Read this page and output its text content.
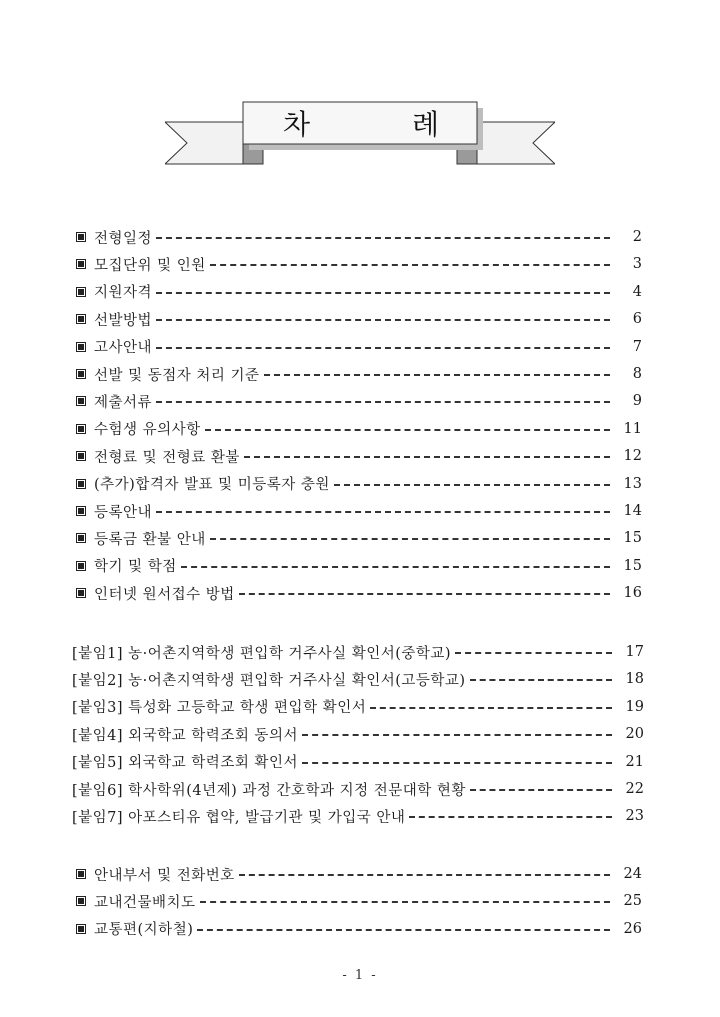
차	례
전형일정	2
모집단위 및 인원	3
지원자격	4
선발방법	6
고사안내	7
선발 및 동점자 처리 기준	8
제출서류	9
수험생 유의사항	11
전형료 및 전형료 환불	12
(추가)합격자 발표 및 미등록자 충원	13
등록안내	14
등록금 환불 안내	15
학기 및 학점	15
인터넷 원서접수 방법	16
[붙임1] 농·어촌지역학생 편입학 거주사실 확인서(중학교)	17
[붙임2] 농·어촌지역학생 편입학 거주사실 확인서(고등학교)	18
[붙임3] 특성화 고등학교 학생 편입학 확인서	19
[붙임4] 외국학교 학력조회 동의서	20
[붙임5] 외국학교 학력조회 확인서	21
[붙임6] 학사학위(4년제) 과정 간호학과 지정 전문대학 현황	22
[붙임7] 아포스티유 협약, 발급기관 및 가입국 안내	23
안내부서 및 전화번호	24
교내건물배치도	25
교통편(지하철)	26
- 1 -
